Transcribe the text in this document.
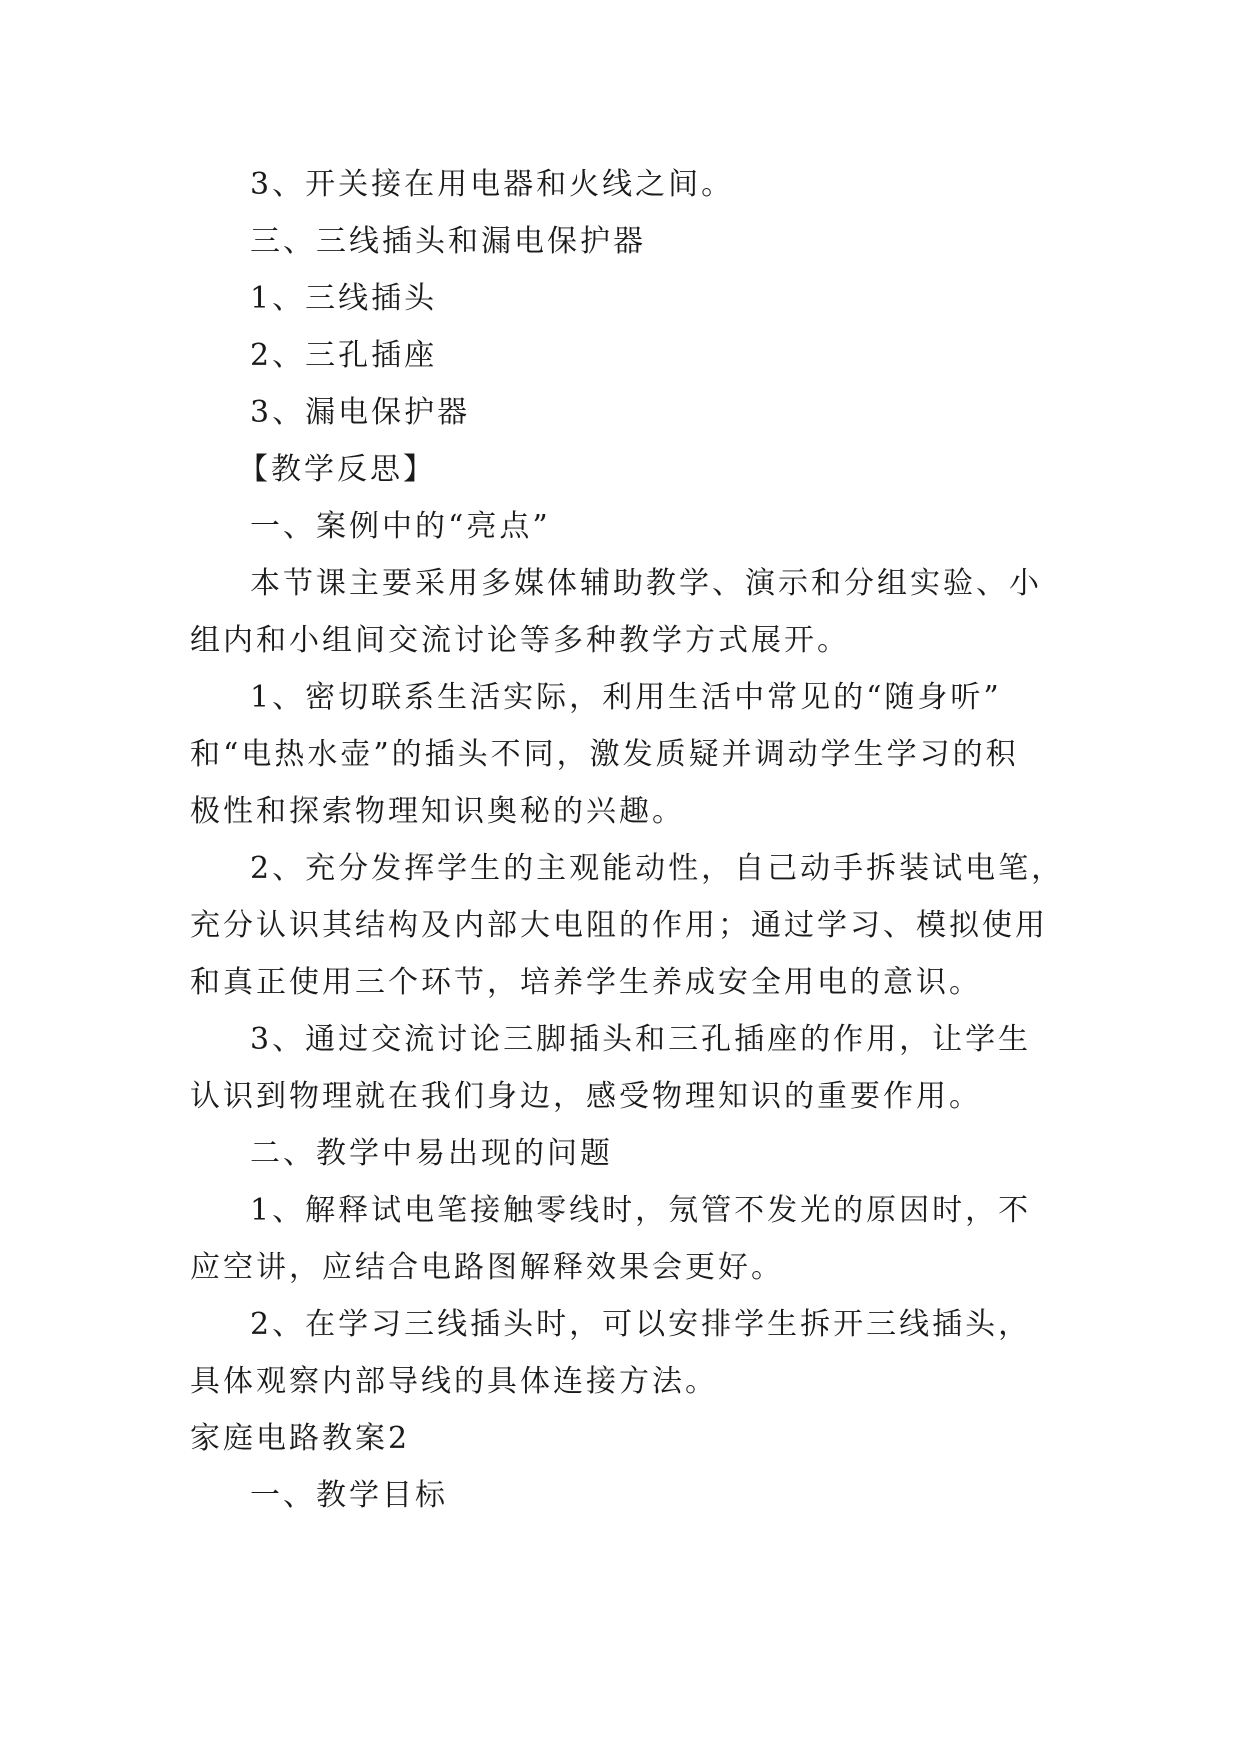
3、开关接在用电器和火线之间。
三、三线插头和漏电保护器
1、三线插头
2、三孔插座
3、漏电保护器
【教学反思】
一、案例中的“亮点”
本节课主要采用多媒体辅助教学、演示和分组实验、小
组内和小组间交流讨论等多种教学方式展开。
1、密切联系生活实际，利用生活中常见的“随身听”
和“电热水壶”的插头不同，激发质疑并调动学生学习的积
极性和探索物理知识奥秘的兴趣。
2、充分发挥学生的主观能动性，自己动手拆装试电笔，
充分认识其结构及内部大电阻的作用；通过学习、模拟使用
和真正使用三个环节，培养学生养成安全用电的意识。
3、通过交流讨论三脚插头和三孔插座的作用，让学生
认识到物理就在我们身边，感受物理知识的重要作用。
二、教学中易出现的问题
1、解释试电笔接触零线时，氖管不发光的原因时，不
应空讲，应结合电路图解释效果会更好。
2、在学习三线插头时，可以安排学生拆开三线插头，
具体观察内部导线的具体连接方法。
家庭电路教案2
一、教学目标
